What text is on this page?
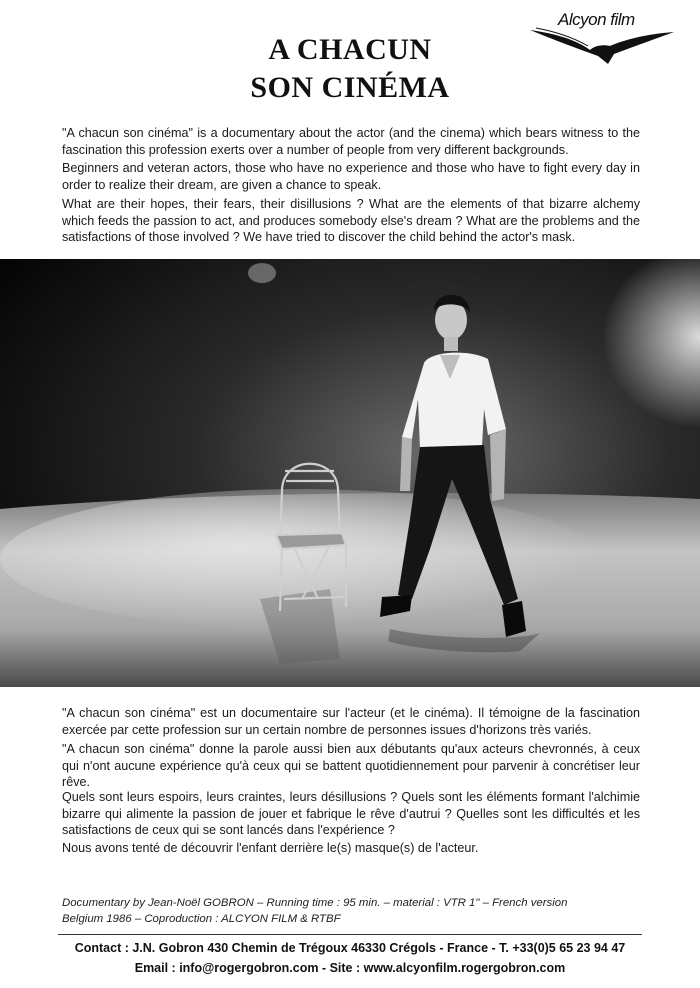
Alcyon film
A CHACUN
SON CINÉMA

"A chacun son cinéma" is a documentary about the actor (and the cinema) which bears witness to the fascination this profession exerts over a number of people from very different backgrounds.

Beginners and veteran actors, those who have no experience and those who have to fight every day in order to realize their dream, are given a chance to speak.

What are their hopes, their fears, their disillusions ? What are the elements of that bizarre alchemy which feeds the passion to act, and produces somebody else's dream ? What are the problems and the satisfactions of those involved ? We have tried to discover the child behind the actor's mask.

"A chacun son cinéma" est un documentaire sur l'acteur (et le cinéma). Il témoigne de la fascination exercée par cette profession sur un certain nombre de personnes issues d'horizons très variés.

"A chacun son cinéma" donne la parole aussi bien aux débutants qu'aux acteurs chevronnés, à ceux qui n'ont aucune expérience qu'à ceux qui se battent quotidiennement pour parvenir à concrétiser leur rêve.

Quels sont leurs espoirs, leurs craintes, leurs désillusions ? Quels sont les éléments formant l'alchimie bizarre qui alimente la passion de jouer et fabrique le rêve d'autrui ? Quelles sont les difficultés et les satisfactions de ceux qui se sont lancés dans l'expérience ?

Nous avons tenté de découvrir l'enfant derrière le(s) masque(s) de l'acteur.

Documentary by Jean-Noël GOBRON – Running time : 95 min. – material : VTR 1" – French version

Belgium 1986 – Coproduction : ALCYON FILM & RTBF

Contact : J.N. Gobron 430 Chemin de Trégoux 46330 Crégols - France - T. +33(0)5 65 23 94 47

Email : info@rogergobron.com - Site : www.alcyonfilm.rogergobron.com
